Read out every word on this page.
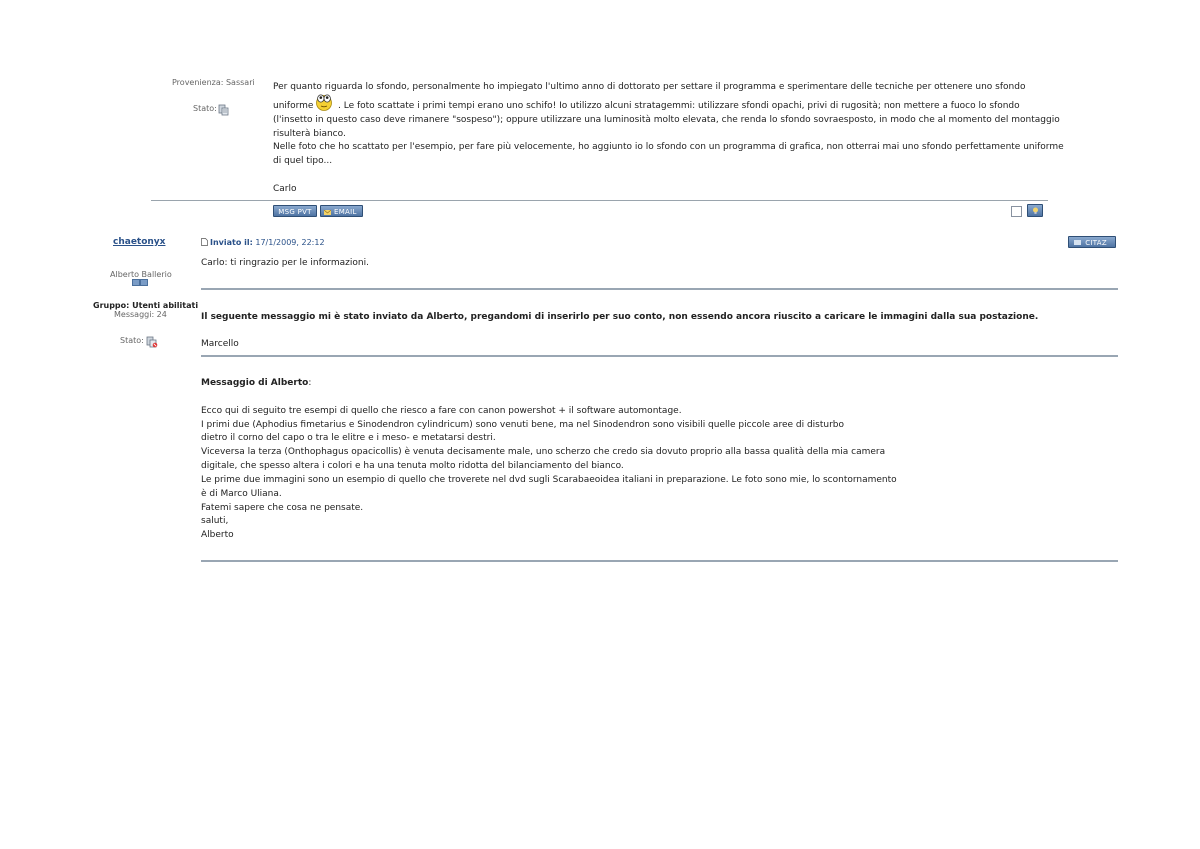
Provenienza: Sassari
Stato:
Per quanto riguarda lo sfondo, personalmente ho impiegato l'ultimo anno di dottorato per settare il programma e sperimentare delle tecniche per ottenere uno sfondo
uniforme	. Le foto scattate i primi tempi erano uno schifo! Io utilizzo alcuni stratagemmi: utilizzare sfondi opachi, privi di rugosità; non mettere a fuoco lo sfondo
(l'insetto in questo caso deve rimanere "sospeso"); oppure utilizzare una luminosità molto elevata, che renda lo sfondo sovraesposto, in modo che al momento del montaggio
risulterà bianco.
Nelle foto che ho scattato per l'esempio, per fare più velocemente, ho aggiunto io lo sfondo con un programma di grafica, non otterrai mai uno sfondo perfettamente uniforme
di quel tipo...
Carlo
MSG PVT	EMAIL
chaetonyx
Alberto Ballerio
Gruppo: Utenti abilitati
Messaggi: 24
Stato:
Inviato il: 17/1/2009, 22:12	CITAZ
Carlo: ti ringrazio per le informazioni.
Il seguente messaggio mi è stato inviato da Alberto, pregandomi di inserirlo per suo conto, non essendo ancora riuscito a caricare le immagini dalla sua postazione.
Marcello
Messaggio di Alberto:
Ecco qui di seguito tre esempi di quello che riesco a fare con canon powershot + il software automontage.
I primi due (Aphodius fimetarius e Sinodendron cylindricum) sono venuti bene, ma nel Sinodendron sono visibili quelle piccole aree di disturbo
dietro il corno del capo o tra le elitre e i meso- e metatarsi destri.
Viceversa la terza (Onthophagus opacicollis) è venuta decisamente male, uno scherzo che credo sia dovuto proprio alla bassa qualità della mia camera
digitale, che spesso altera i colori e ha una tenuta molto ridotta del bilanciamento del bianco.
Le prime due immagini sono un esempio di quello che troverete nel dvd sugli Scarabaeoidea italiani in preparazione. Le foto sono mie, lo scontornamento
è di Marco Uliana.
Fatemi sapere che cosa ne pensate.
saluti,
Alberto
